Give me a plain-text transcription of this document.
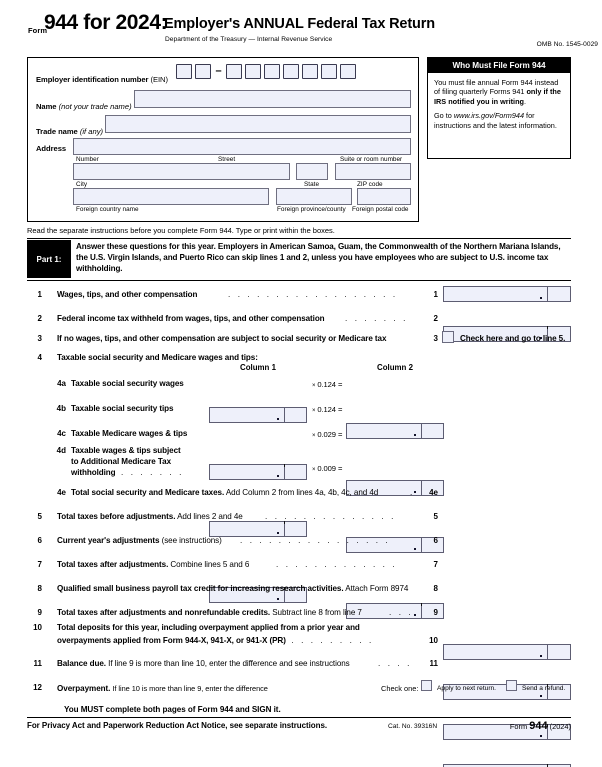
Form
944 for 2024:
Employer's ANNUAL Federal Tax Return
Department of the Treasury — Internal Revenue Service
OMB No. 1545-0029
Employer identification number (EIN)
–
Name (not your trade name)
Trade name (if any)
Address
Number	Street	Suite or room number
City	State	ZIP code
Foreign country name	Foreign province/county Foreign postal code
Who Must File Form 944

You must file annual Form 944 instead of filing quarterly Forms 941 only if the IRS notified you in writing.

Go to www.irs.gov/Form944 for instructions and the latest information.

Read the separate instructions before you complete Form 944. Type or print within the boxes.
Part 1:
Answer these questions for this year. Employers in American Samoa, Guam, the Commonwealth of the Northern Mariana Islands, the U.S. Virgin Islands, and Puerto Rico can skip lines 1 and 2, unless you have employees who are subject to U.S. income tax withholding.
1 Wages, tips, and other compensation	. . . . . . . . . . . . . . . . . .	1
2 Federal income tax withheld from wages, tips, and other compensation	. . . . . . .	2
3 If no wages, tips, and other compensation are subject to social security or Medicare tax	3	Check here and go to line 5.
4 Taxable social security and Medicare wages and tips:
Column 1	Column 2
4a Taxable social security wages	× 0.124 =
4b Taxable social security tips	× 0.124 =
4c Taxable Medicare wages & tips	× 0.029 =
4d Taxable wages & tips subject
to Additional Medicare Tax
withholding . . . . . . .	× 0.009 =
4e Total social security and Medicare taxes. Add Column 2 from lines 4a, 4b, 4c, and 4d	.	4e
5 Total taxes before adjustments. Add lines 2 and 4e	. . . . . . . . . . . . . .	5
6 Current year's adjustments (see instructions) . . . . . . . . . . . . . . . .	6
7 Total taxes after adjustments. Combine lines 5 and 6	. . . . . . . . . . . . .	7
8 Qualified small business payroll tax credit for increasing research activities. Attach Form 8974	8
9 Total taxes after adjustments and nonrefundable credits. Subtract line 8 from line 7	. . .	9
10 Total deposits for this year, including overpayment applied from a prior year and
overpayments applied from Form 944-X, 941-X, or 941-X (PR)
. . . . . . . . . . .	10
11 Balance due. If line 9 is more than line 10, enter the difference and see instructions	. . . .	11
12 Overpayment. If line 10 is more than line 9, enter the difference	Check one:	Apply to next return.	Send a refund.
You MUST complete both pages of Form 944 and SIGN it.
For Privacy Act and Paperwork Reduction Act Notice, see separate instructions.	Cat. No. 39316N	Form 944 (2024)
